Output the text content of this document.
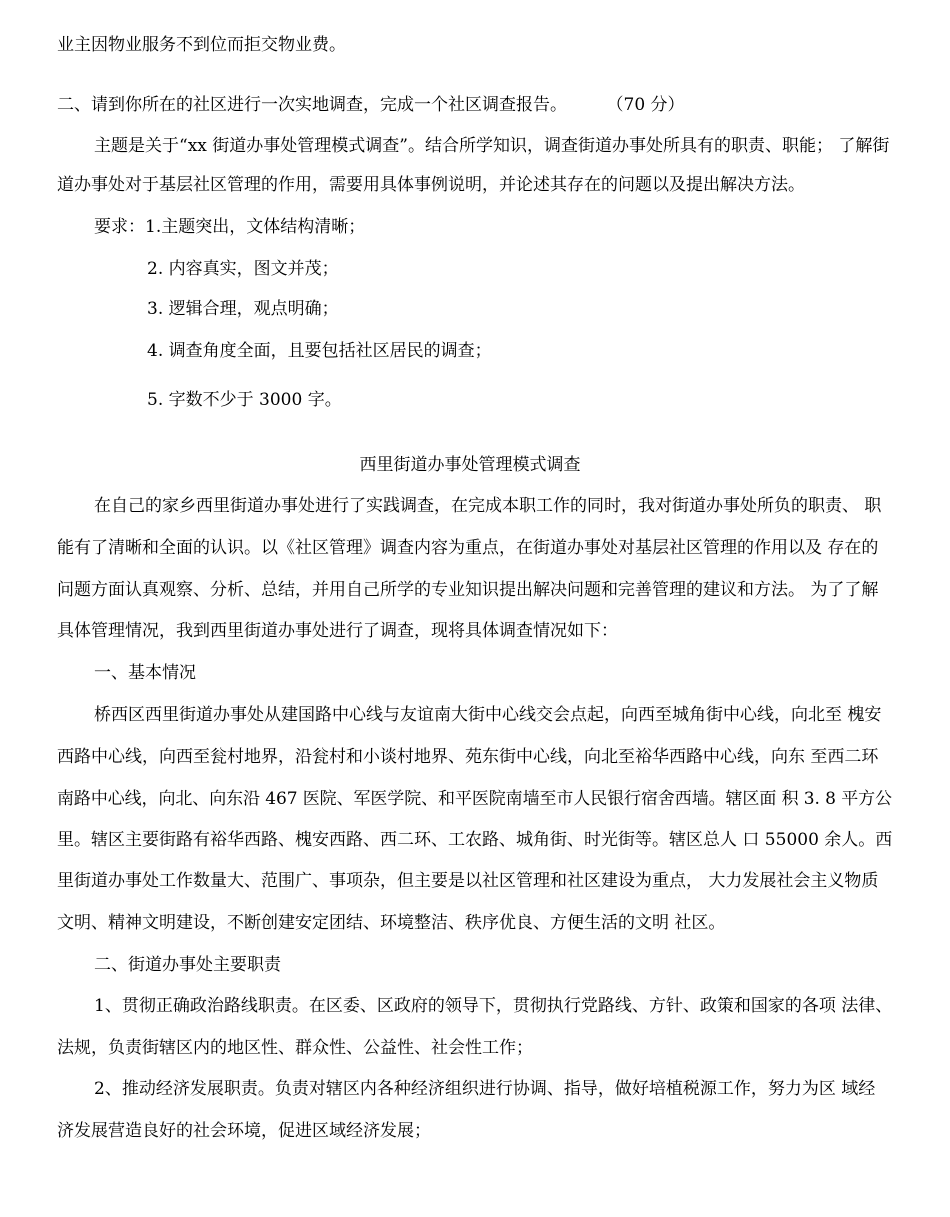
业主因物业服务不到位而拒交物业费。
二、请到你所在的社区进行一次实地调查，完成一个社区调查报告。	（70 分）
主题是关于“xx 街道办事处管理模式调查”。结合所学知识，调查街道办事处所具有的职责、职能； 了解街
道办事处对于基层社区管理的作用，需要用具体事例说明，并论述其存在的问题以及提出解决方法。
要求：1.主题突出，文体结构清晰；
2. 内容真实，图文并茂；
3. 逻辑合理，观点明确；
4. 调查角度全面，且要包括社区居民的调查；
5. 字数不少于 3000 字。
西里街道办事处管理模式调查
在自己的家乡西里街道办事处进行了实践调查，在完成本职工作的同时，我对街道办事处所负的职责、 职
能有了清晰和全面的认识。以《社区管理》调查内容为重点，在街道办事处对基层社区管理的作用以及 存在的
问题方面认真观察、分析、总结，并用自己所学的专业知识提出解决问题和完善管理的建议和方法。 为了了解
具体管理情况，我到西里街道办事处进行了调查，现将具体调查情况如下：
一、基本情况
桥西区西里街道办事处从建国路中心线与友谊南大街中心线交会点起，向西至城角街中心线，向北至 槐安
西路中心线，向西至瓮村地界，沿瓮村和小谈村地界、苑东街中心线，向北至裕华西路中心线，向东 至西二环
南路中心线，向北、向东沿 467 医院、军医学院、和平医院南墙至市人民银行宿舍西墙。辖区面 积 3. 8 平方公
里。辖区主要街路有裕华西路、槐安西路、西二环、工农路、城角街、时光街等。辖区总人 口 55000 余人。西
里街道办事处工作数量大、范围广、事项杂，但主要是以社区管理和社区建设为重点， 大力发展社会主义物质
文明、精神文明建设，不断创建安定团结、环境整洁、秩序优良、方便生活的文明 社区。
二、街道办事处主要职责
1、贯彻正确政治路线职责。在区委、区政府的领导下，贯彻执行党路线、方针、政策和国家的各项 法律、
法规，负责街辖区内的地区性、群众性、公益性、社会性工作；
2、推动经济发展职责。负责对辖区内各种经济组织进行协调、指导，做好培植税源工作，努力为区 域经
济发展营造良好的社会环境，促进区域经济发展；
